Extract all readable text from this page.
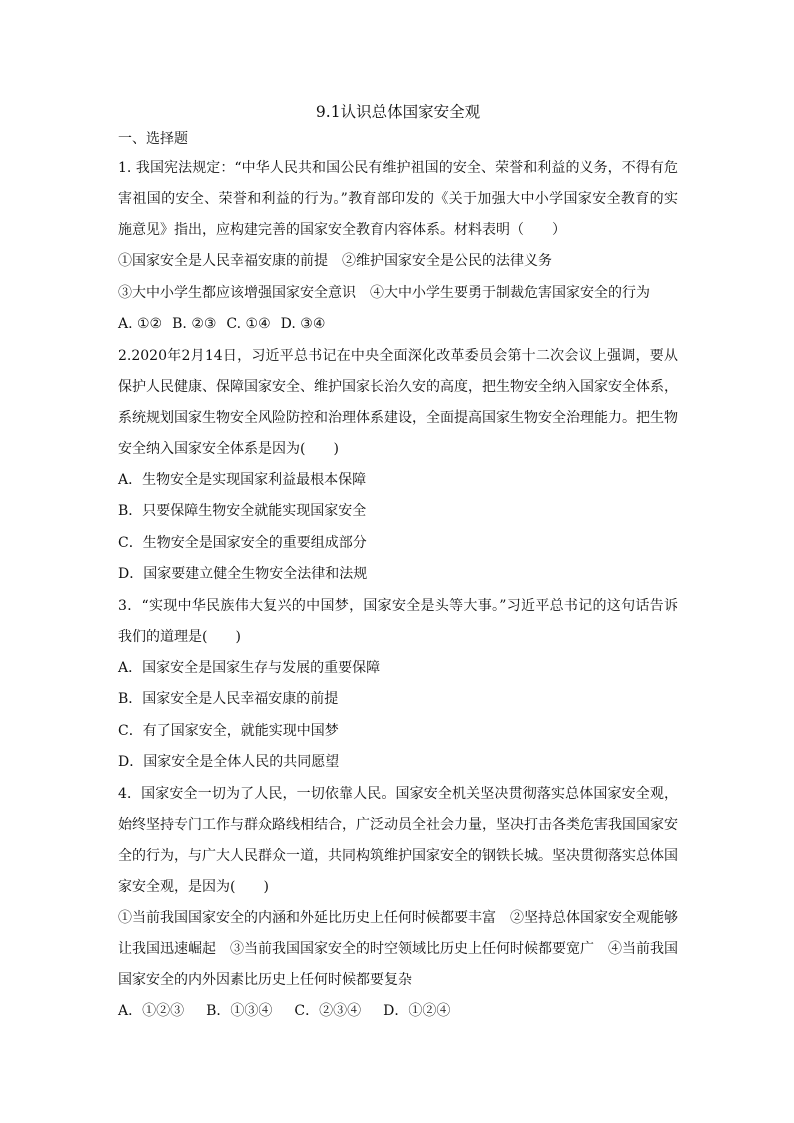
9.1认识总体国家安全观

一、选择题

1. 我国宪法规定：“中华人民共和国公民有维护祖国的安全、荣誉和利益的义务，不得有危害祖国的安全、荣誉和利益的行为。”教育部印发的《关于加强大中小学国家安全教育的实施意见》指出，应构建完善的国家安全教育内容体系。材料表明（　　）

①国家安全是人民幸福安康的前提　②维护国家安全是公民的法律义务

③大中小学生都应该增强国家安全意识　④大中小学生要勇于制裁危害国家安全的行为

A. ①② B. ②③ C. ①④ D. ③④

2.2020年2月14日，习近平总书记在中央全面深化改革委员会第十二次会议上强调，要从保护人民健康、保障国家安全、维护国家长治久安的高度，把生物安全纳入国家安全体系，系统规划国家生物安全风险防控和治理体系建设，全面提高国家生物安全治理能力。把生物安全纳入国家安全体系是因为(　　)

A．生物安全是实现国家利益最根本保障

B．只要保障生物安全就能实现国家安全

C．生物安全是国家安全的重要组成部分

D．国家要建立健全生物安全法律和法规

3．“实现中华民族伟大复兴的中国梦，国家安全是头等大事。”习近平总书记的这句话告诉我们的道理是(　　)

A．国家安全是国家生存与发展的重要保障

B．国家安全是人民幸福安康的前提

C．有了国家安全，就能实现中国梦

D．国家安全是全体人民的共同愿望

4．国家安全一切为了人民，一切依靠人民。国家安全机关坚决贯彻落实总体国家安全观，始终坚持专门工作与群众路线相结合，广泛动员全社会力量，坚决打击各类危害我国国家安全的行为，与广大人民群众一道，共同构筑维护国家安全的钢铁长城。坚决贯彻落实总体国家安全观，是因为(　　)

①当前我国国家安全的内涵和外延比历史上任何时候都要丰富　②坚持总体国家安全观能够让我国迅速崛起　③当前我国国家安全的时空领域比历史上任何时候都要宽广　④当前我国国家安全的内外因素比历史上任何时候都要复杂

A．①②③ B．①③④ C．②③④ D．①②④
